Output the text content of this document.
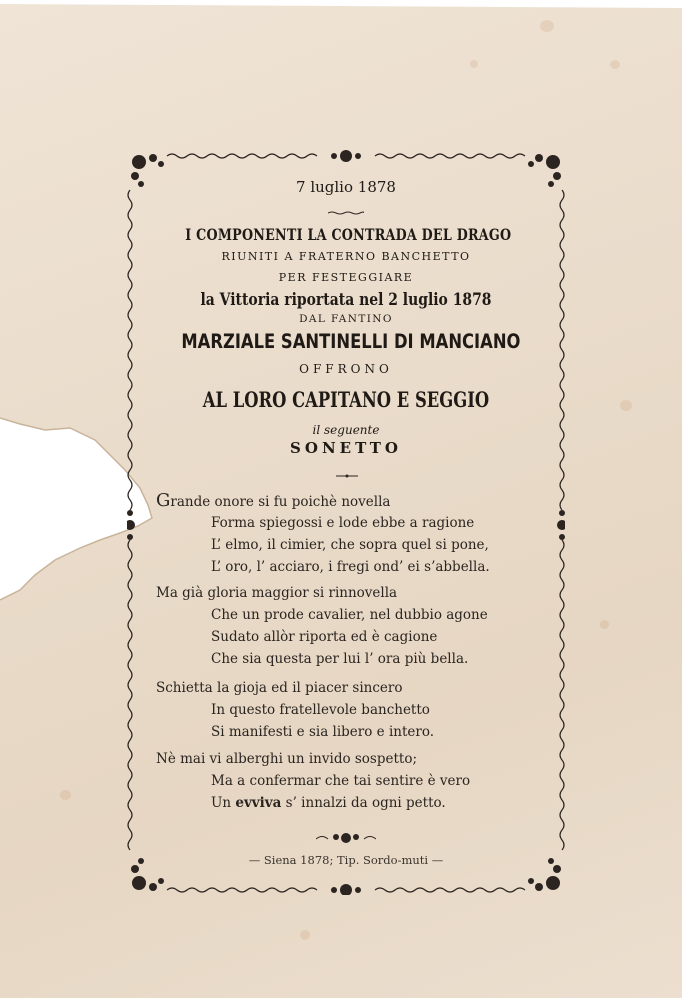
7 luglio 1878
I COMPONENTI LA CONTRADA DEL DRAGO
RIUNITI A FRATERNO BANCHETTO
PER FESTEGGIARE
la Vittoria riportata nel 2 luglio 1878
DAL FANTINO
MARZIALE SANTINELLI DI MANCIANO
OFFRONO
AL LORO CAPITANO E SEGGIO
il seguente
SONETTO
Grande onore si fu poichè novella
Forma spiegossi e lode ebbe a ragione
L’ elmo, il cimier, che sopra quel si pone,
L’ oro, l’ acciaro, i fregi ond’ ei s’abbella.
Ma già gloria maggior si rinnovella
Che un prode cavalier, nel dubbio agone
Sudato allòr riporta ed è cagione
Che sia questa per lui l’ ora più bella.
Schietta la gioja ed il piacer sincero
In questo fratellevole banchetto
Si manifesti e sia libero e intero.
Nè mai vi alberghi un invido sospetto;
Ma a confermar che tai sentire è vero
Un evviva s’ innalzi da ogni petto.
— Siena 1878; Tip. Sordo-muti —
